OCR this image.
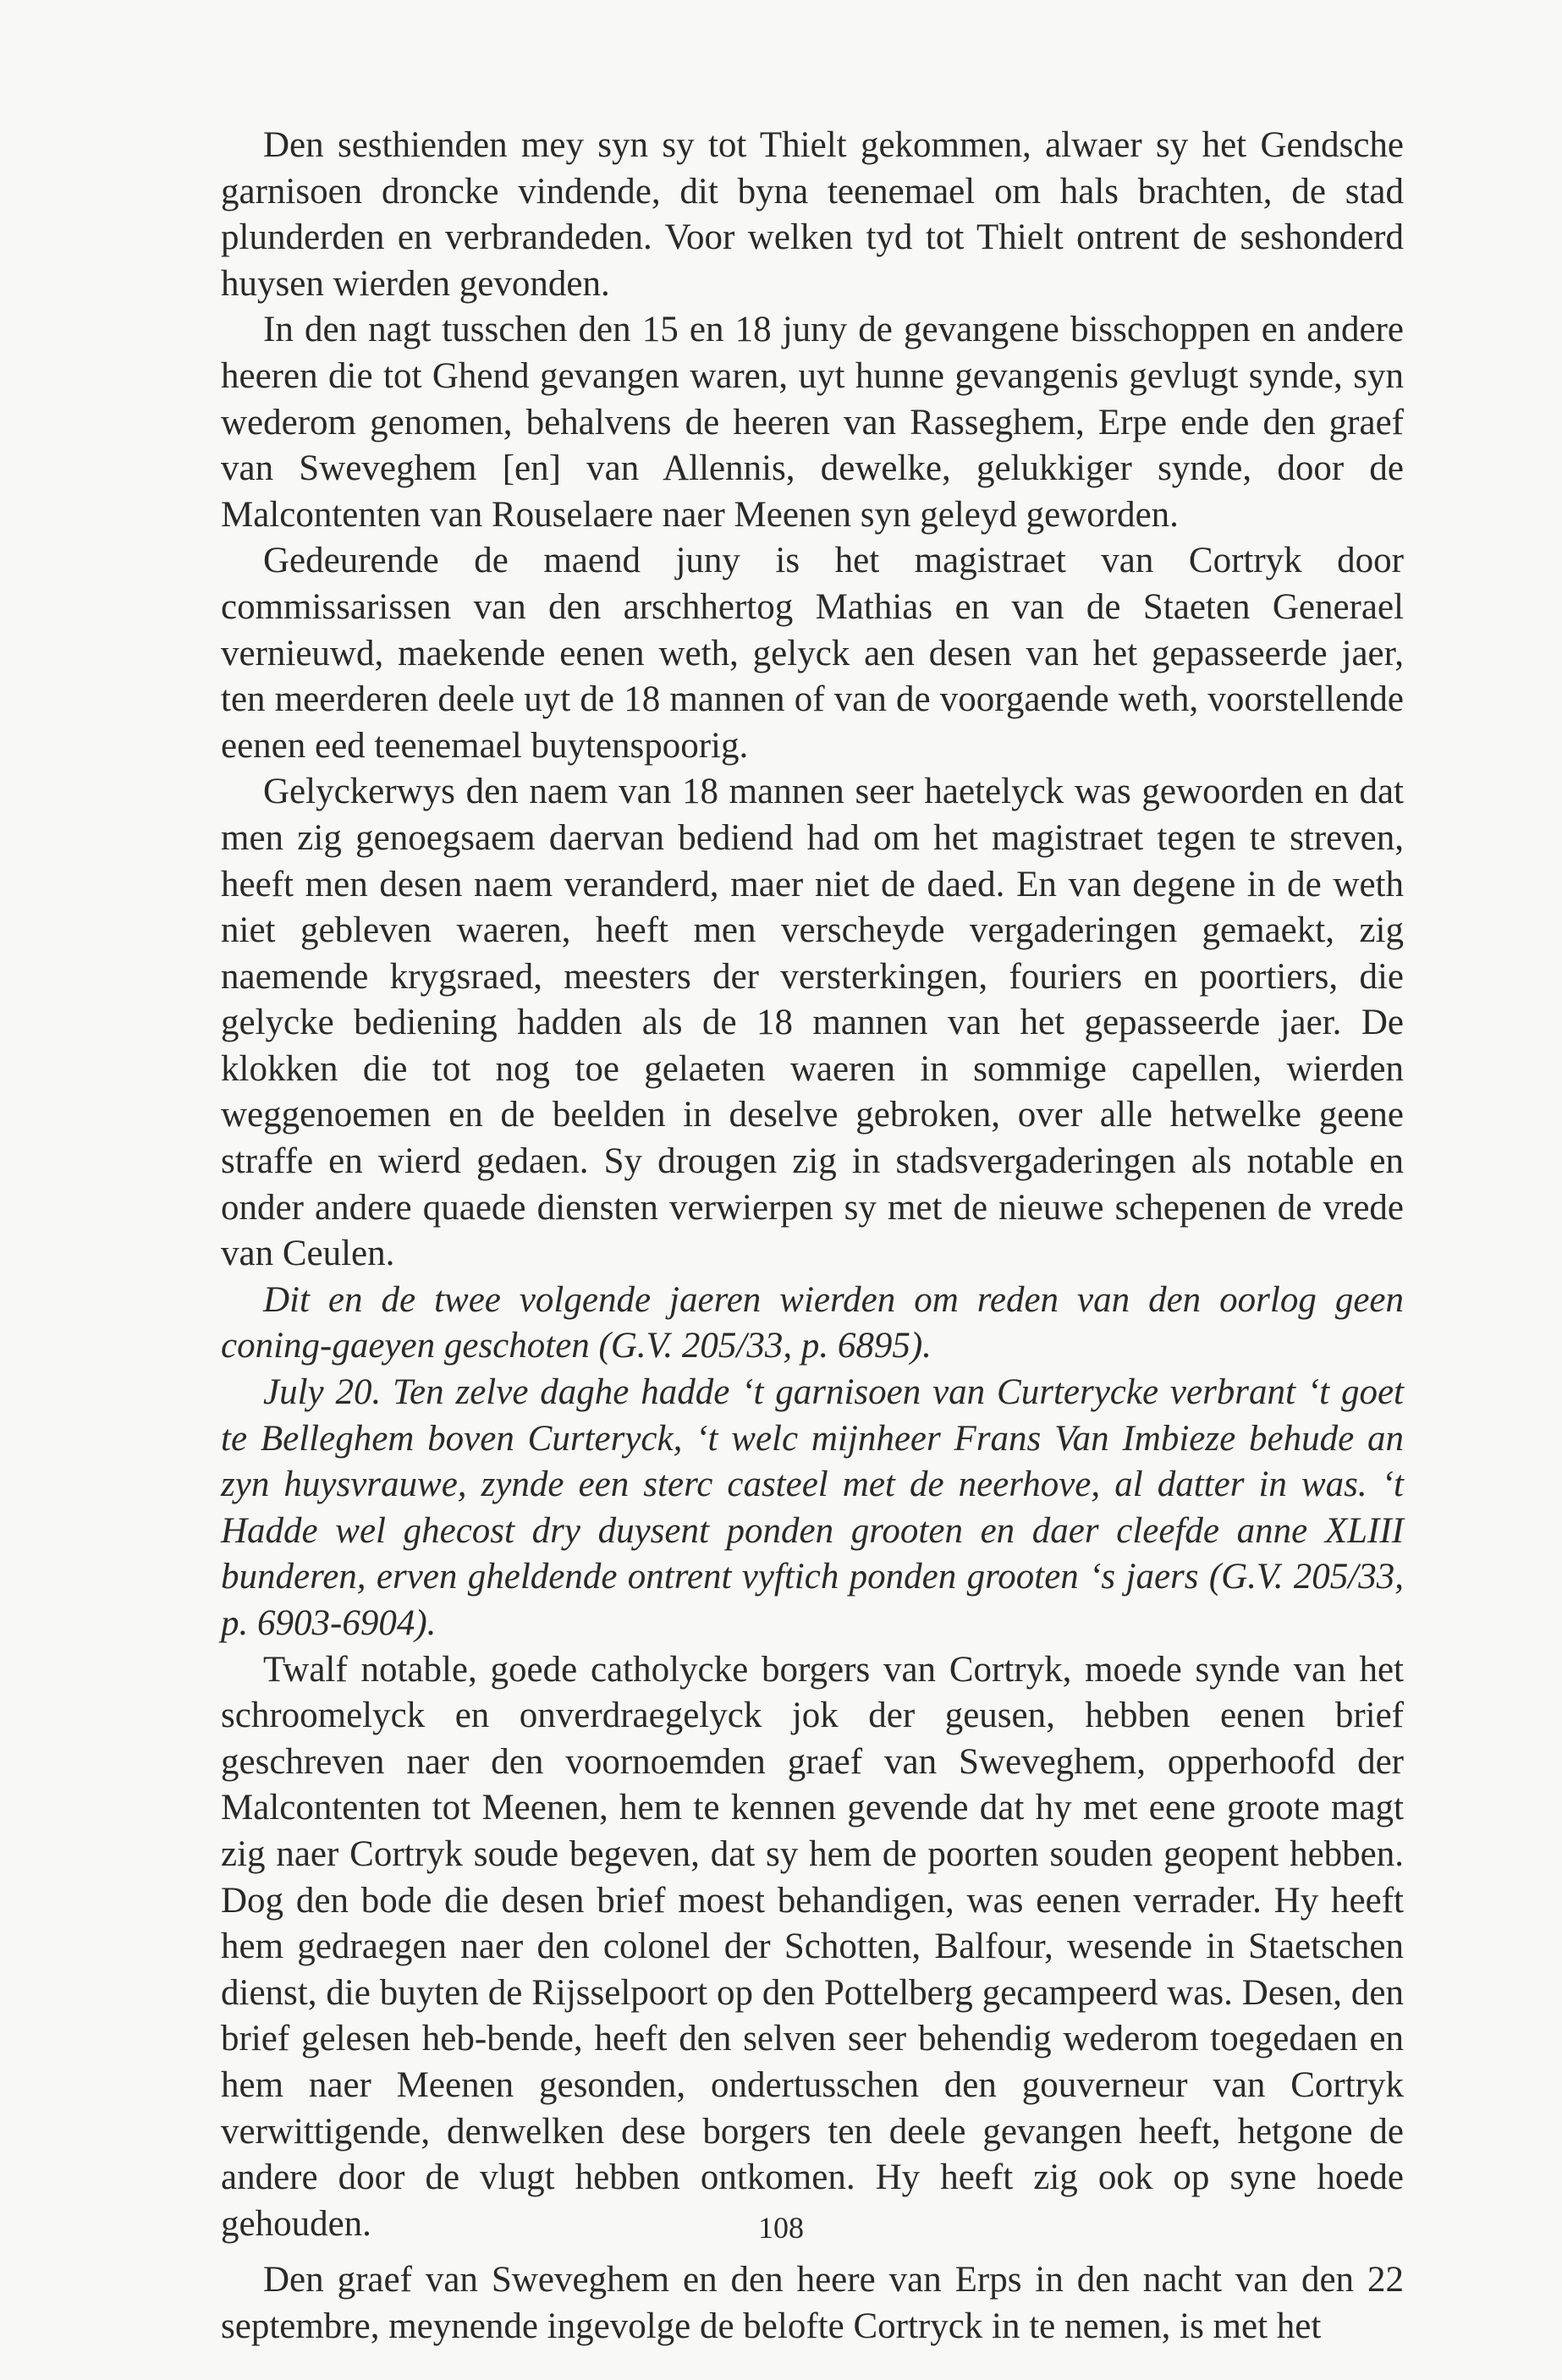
Den sesthienden mey syn sy tot Thielt gekommen, alwaer sy het Gendsche garnisoen droncke vindende, dit byna teenemael om hals brachten, de stad plunderden en verbrandeden. Voor welken tyd tot Thielt ontrent de seshonderd huysen wierden gevonden.

In den nagt tusschen den 15 en 18 juny de gevangene bisschoppen en andere heeren die tot Ghend gevangen waren, uyt hunne gevangenis gevlugt synde, syn wederom genomen, behalvens de heeren van Rasseghem, Erpe ende den graef van Sweveghem [en] van Allennis, dewelke, gelukkiger synde, door de Malcontenten van Rouselaere naer Meenen syn geleyd geworden.

Gedeurende de maend juny is het magistraet van Cortryk door commissarissen van den arschhertog Mathias en van de Staeten Generael vernieuwd, maekende eenen weth, gelyck aen desen van het gepasseerde jaer, ten meerderen deele uyt de 18 mannen of van de voorgaende weth, voorstellende eenen eed teenemael buytenspoorig.

Gelyckerwys den naem van 18 mannen seer haetelyck was gewoorden en dat men zig genoegsaem daervan bediend had om het magistraet tegen te streven, heeft men desen naem veranderd, maer niet de daed. En van degene in de weth niet gebleven waeren, heeft men verscheyde vergaderingen gemaekt, zig naemende krygsraed, meesters der versterkingen, fouriers en poortiers, die gelycke bediening hadden als de 18 mannen van het gepasseerde jaer. De klokken die tot nog toe gelaeten waeren in sommige capellen, wierden weggenoemen en de beelden in deselve gebroken, over alle hetwelke geene straffe en wierd gedaen. Sy drougen zig in stadsvergaderingen als notable en onder andere quaede diensten verwierpen sy met de nieuwe schepenen de vrede van Ceulen.

Dit en de twee volgende jaeren wierden om reden van den oorlog geen coning-gaeyen geschoten (G.V. 205/33, p. 6895).

July 20. Ten zelve daghe hadde ‘t garnisoen van Curterycke verbrant ‘t goet te Belleghem boven Curteryck, ‘t welc mijnheer Frans Van Imbieze behude an zyn huysvrauwe, zynde een sterc casteel met de neerhove, al datter in was. ‘t Hadde wel ghecost dry duysent ponden grooten en daer cleefde anne XLIII bunderen, erven gheldende ontrent vyftich ponden grooten ‘s jaers (G.V. 205/33, p. 6903-6904).

Twalf notable, goede catholycke borgers van Cortryk, moede synde van het schroomelyck en onverdraegelyck jok der geusen, hebben eenen brief geschreven naer den voornoemden graef van Sweveghem, opperhoofd der Malcontenten tot Meenen, hem te kennen gevende dat hy met eene groote magt zig naer Cortryk soude begeven, dat sy hem de poorten souden geopent hebben. Dog den bode die desen brief moest behandigen, was eenen verrader. Hy heeft hem gedraegen naer den colonel der Schotten, Balfour, wesende in Staetschen dienst, die buyten de Rijsselpoort op den Pottelberg gecampeerd was. Desen, den brief gelesen heb-bende, heeft den selven seer behendig wederom toegedaen en hem naer Meenen gesonden, ondertusschen den gouverneur van Cortryk verwittigende, denwelken dese borgers ten deele gevangen heeft, hetgone de andere door de vlugt hebben ontkomen. Hy heeft zig ook op syne hoede gehouden.

Den graef van Sweveghem en den heere van Erps in den nacht van den 22 septembre, meynende ingevolge de belofte Cortryck in te nemen, is met het

108
